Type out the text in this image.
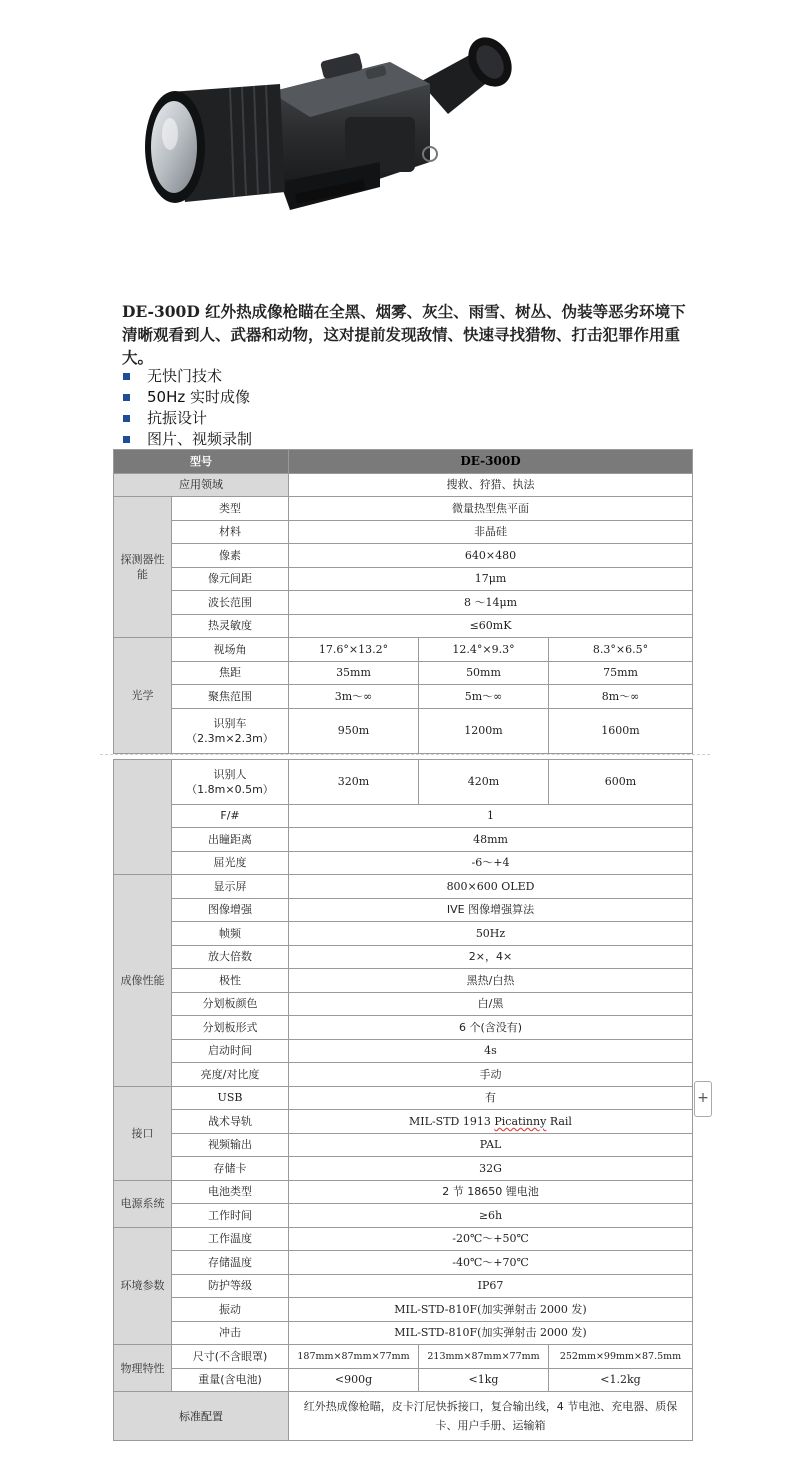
DE-300D 红外热成像枪瞄在全黑、烟雾、灰尘、雨雪、树丛、伪装等恶劣环境下清晰观看到人、武器和动物，这对提前发现敌情、快速寻找猎物、打击犯罪作用重大。

无快门技术
50Hz 实时成像
抗振设计
图片、视频录制
型号		DE-300D		
应用领域		搜救、狩猎、执法		
探测器性能	类型	微量热型焦平面		
	材料	非晶硅		
	像素	640×480		
	像元间距	17μm		
	波长范围	8 ～14μm		
	热灵敏度	≤60mK		
光学	视场角	17.6°×13.2°	12.4°×9.3°	8.3°×6.5°
	焦距	35mm	50mm	75mm
	聚焦范围	3m～∞	5m～∞	8m～∞
	识别车（2.3m×2.3m）	950m	1200m	1600m

	识别人（1.8m×0.5m）	320m	420m	600m
	F/#	1		
	出瞳距离	48mm		
	屈光度	-6～+4		
成像性能	显示屏	800×600 OLED		
	图像增强	IVE 图像增强算法		
	帧频	50Hz		
	放大倍数	2×，4×		
	极性	黑热/白热		
	分划板颜色	白/黑		
	分划板形式	6 个(含没有)		
	启动时间	4s		
	亮度/对比度	手动		
接口	USB	有		
	战术导轨	MIL-STD 1913 Picatinny Rail		
	视频输出	PAL		
	存储卡	32G		
电源系统	电池类型	2 节 18650 锂电池		
	工作时间	≥6h		
环境参数	工作温度	-20℃～+50℃		
	存储温度	-40℃～+70℃		
	防护等级	IP67		
	振动	MIL-STD-810F(加实弹射击 2000 发)		
	冲击	MIL-STD-810F(加实弹射击 2000 发)		
物理特性	尺寸(不含眼罩)	187mm×87mm×77mm	213mm×87mm×77mm	252mm×99mm×87.5mm
	重量(含电池)	<900g	<1kg	<1.2kg
标准配置		红外热成像枪瞄，皮卡汀尼快拆接口，复合输出线，4 节电池、充电器、质保卡、用户手册、运输箱		
+
